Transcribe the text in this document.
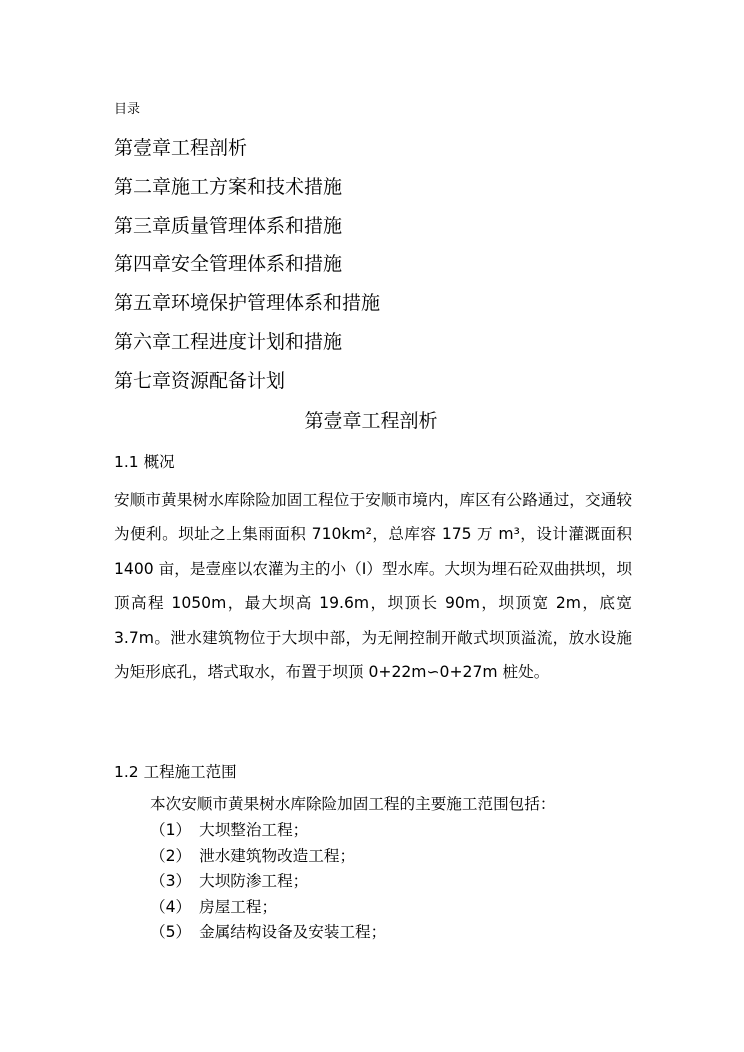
目录
第壹章工程剖析
第二章施工方案和技术措施
第三章质量管理体系和措施
第四章安全管理体系和措施
第五章环境保护管理体系和措施
第六章工程进度计划和措施
第七章资源配备计划
第壹章工程剖析
1.1 概况

安顺市黄果树水库除险加固工程位于安顺市境内，库区有公路通过，交通较为便利。坝址之上集雨面积 710km²，总库容 175 万 m³，设计灌溉面积 1400 亩，是壹座以农灌为主的小（Ⅰ）型水库。大坝为埋石砼双曲拱坝，坝顶高程 1050m，最大坝高 19.6m，坝顶长 90m，坝顶宽 2m，底宽 3.7m。泄水建筑物位于大坝中部，为无闸控制开敞式坝顶溢流，放水设施为矩形底孔，塔式取水，布置于坝顶 0+22m∽0+27m 桩处。

1.2 工程施工范围

本次安顺市黄果树水库除险加固工程的主要施工范围包括：

（1） 大坝整治工程；
（2） 泄水建筑物改造工程；
（3） 大坝防渗工程；
（4） 房屋工程；
（5） 金属结构设备及安装工程；
